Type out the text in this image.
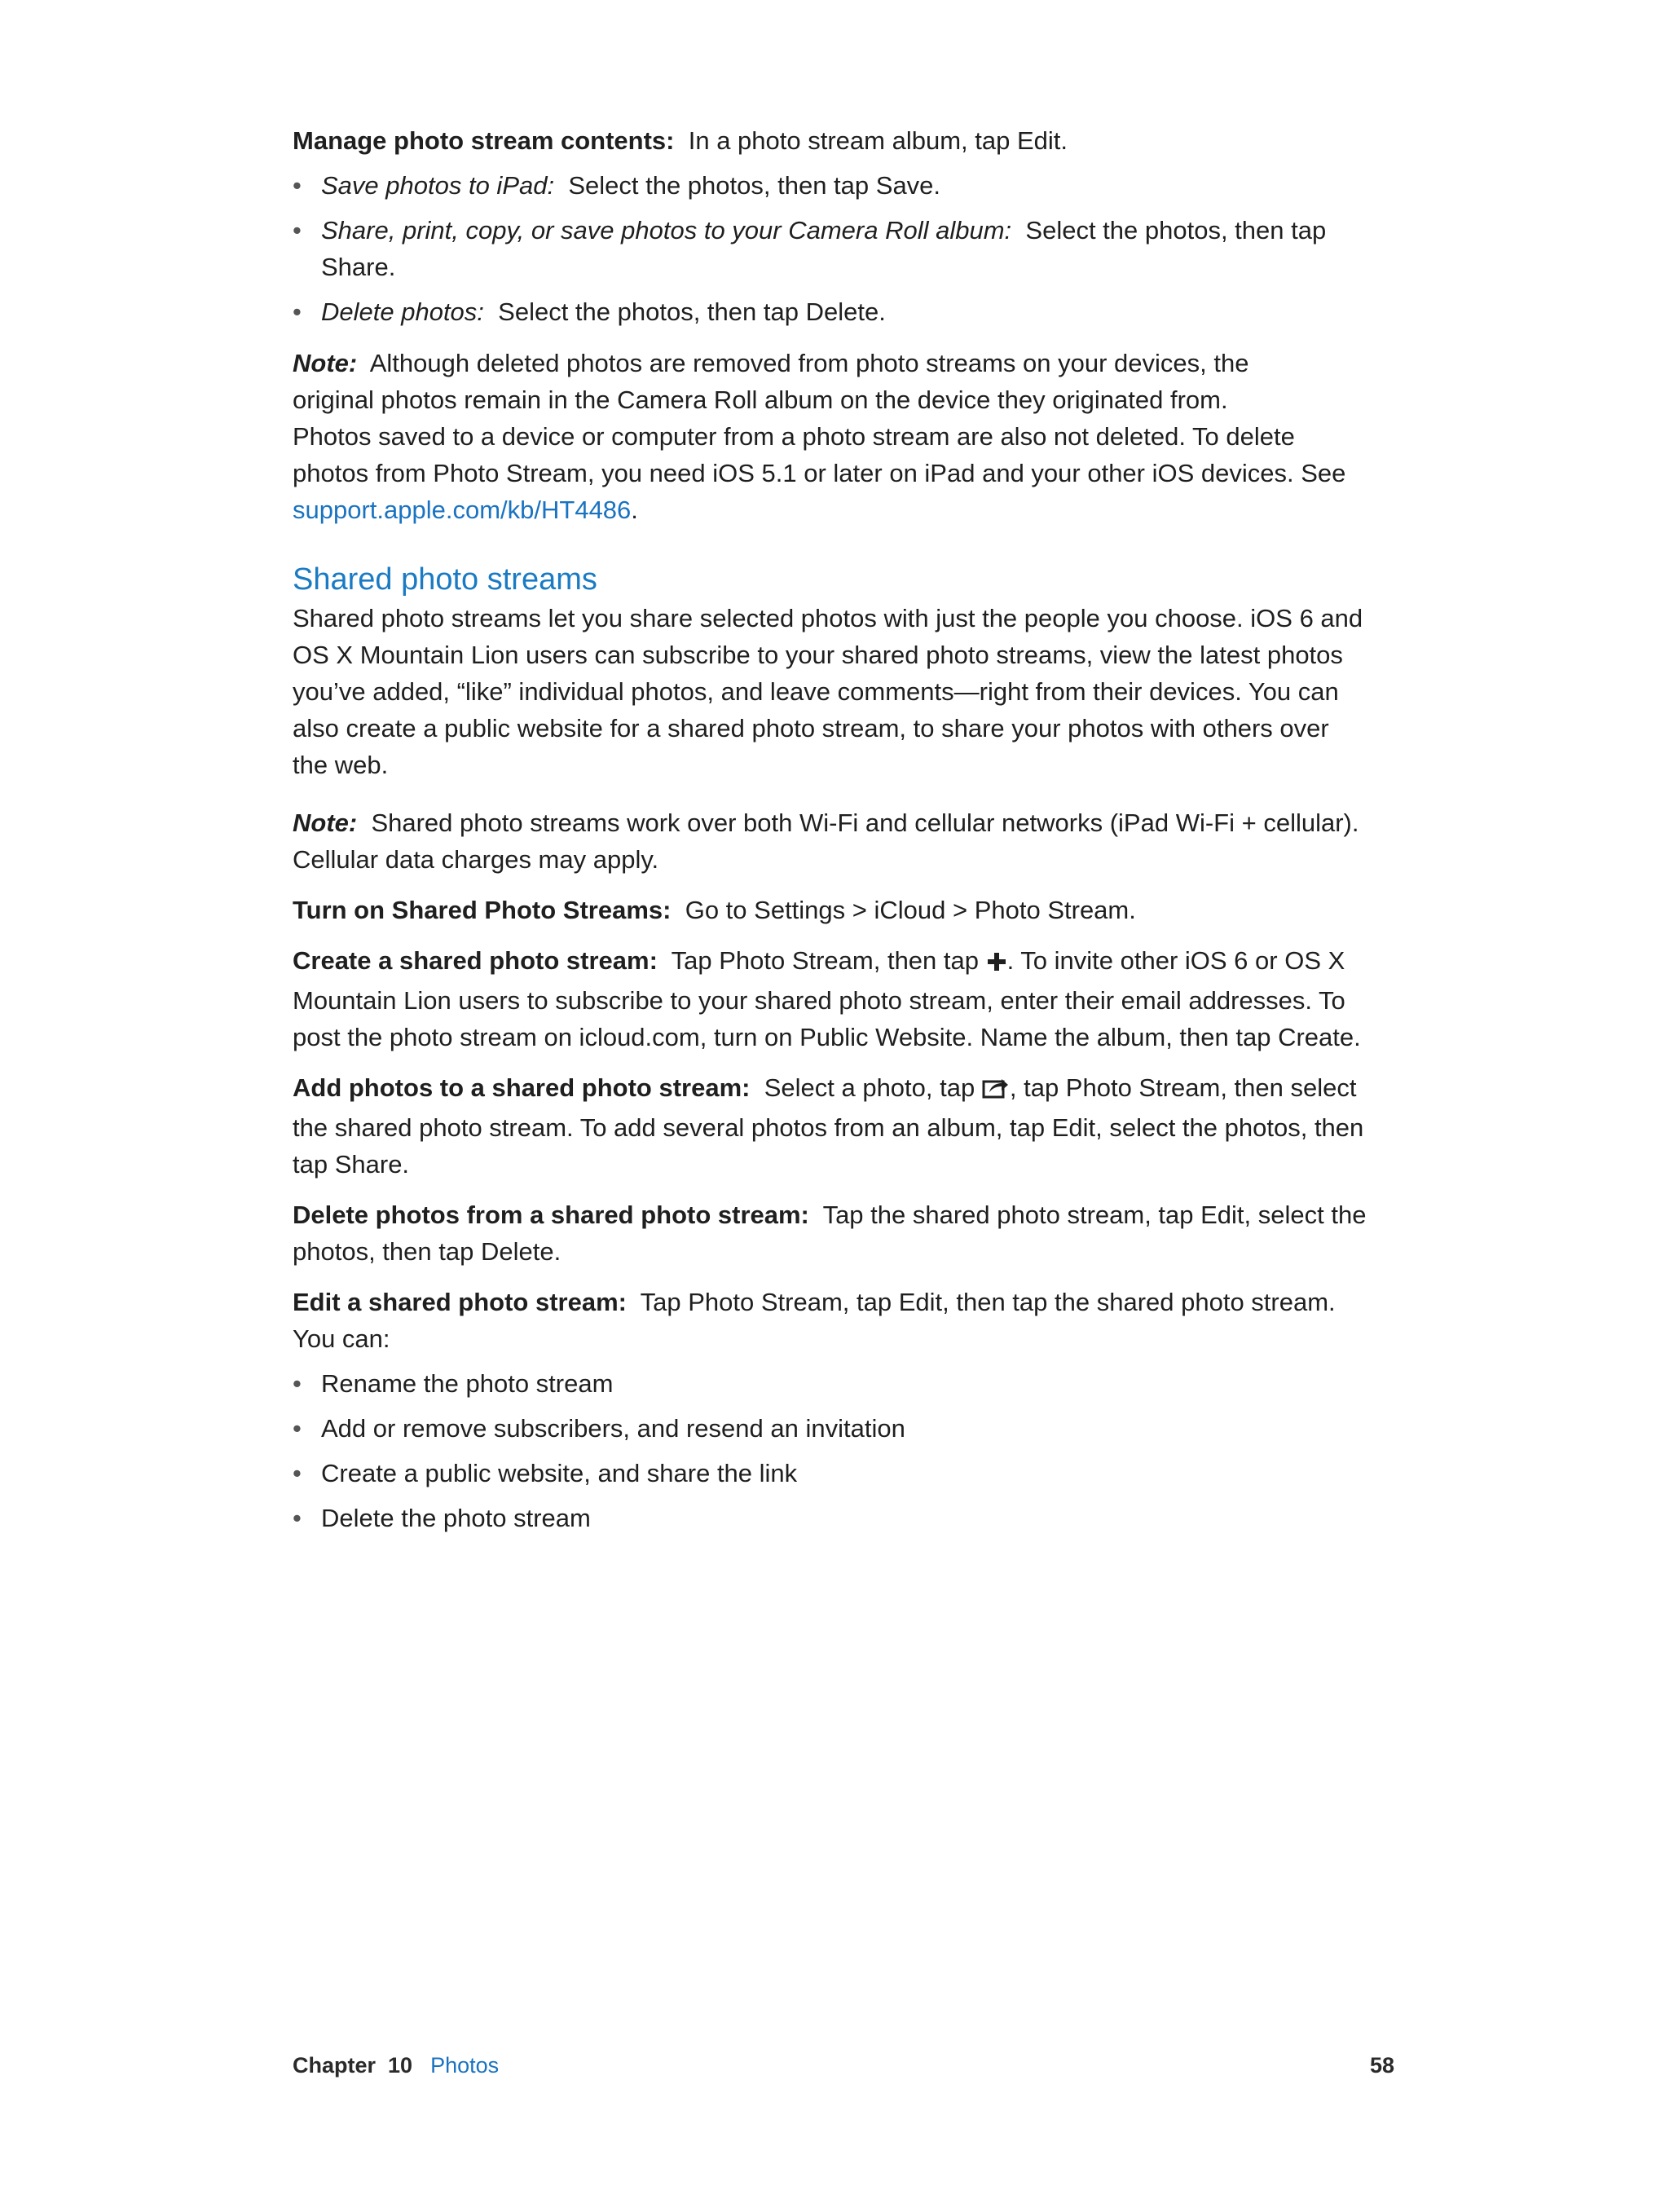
Manage photo stream contents: In a photo stream album, tap Edit.

• Save photos to iPad: Select the photos, then tap Save.
• Share, print, copy, or save photos to your Camera Roll album: Select the photos, then tap Share.
• Delete photos: Select the photos, then tap Delete.

Note: Although deleted photos are removed from photo streams on your devices, the
original photos remain in the Camera Roll album on the device they originated from.
Photos saved to a device or computer from a photo stream are also not deleted. To delete
photos from Photo Stream, you need iOS 5.1 or later on iPad and your other iOS devices. See
support.apple.com/kb/HT4486.

Shared photo streams

Shared photo streams let you share selected photos with just the people you choose. iOS 6 and
OS X Mountain Lion users can subscribe to your shared photo streams, view the latest photos
you’ve added, “like” individual photos, and leave comments—right from their devices. You can
also create a public website for a shared photo stream, to share your photos with others over
the web.

Note: Shared photo streams work over both Wi-Fi and cellular networks (iPad Wi-Fi + cellular).
Cellular data charges may apply.

Turn on Shared Photo Streams: Go to Settings > iCloud > Photo Stream.

Create a shared photo stream: Tap Photo Stream, then tap . To invite other iOS 6 or OS X
Mountain Lion users to subscribe to your shared photo stream, enter their email addresses. To
post the photo stream on icloud.com, turn on Public Website. Name the album, then tap Create.

Add photos to a shared photo stream: Select a photo, tap , tap Photo Stream, then select
the shared photo stream. To add several photos from an album, tap Edit, select the photos, then
tap Share.

Delete photos from a shared photo stream: Tap the shared photo stream, tap Edit, select the
photos, then tap Delete.

Edit a shared photo stream: Tap Photo Stream, tap Edit, then tap the shared photo stream.
You can:

• Rename the photo stream
• Add or remove subscribers, and resend an invitation
• Create a public website, and share the link
• Delete the photo stream
Chapter  10 Photos	58
